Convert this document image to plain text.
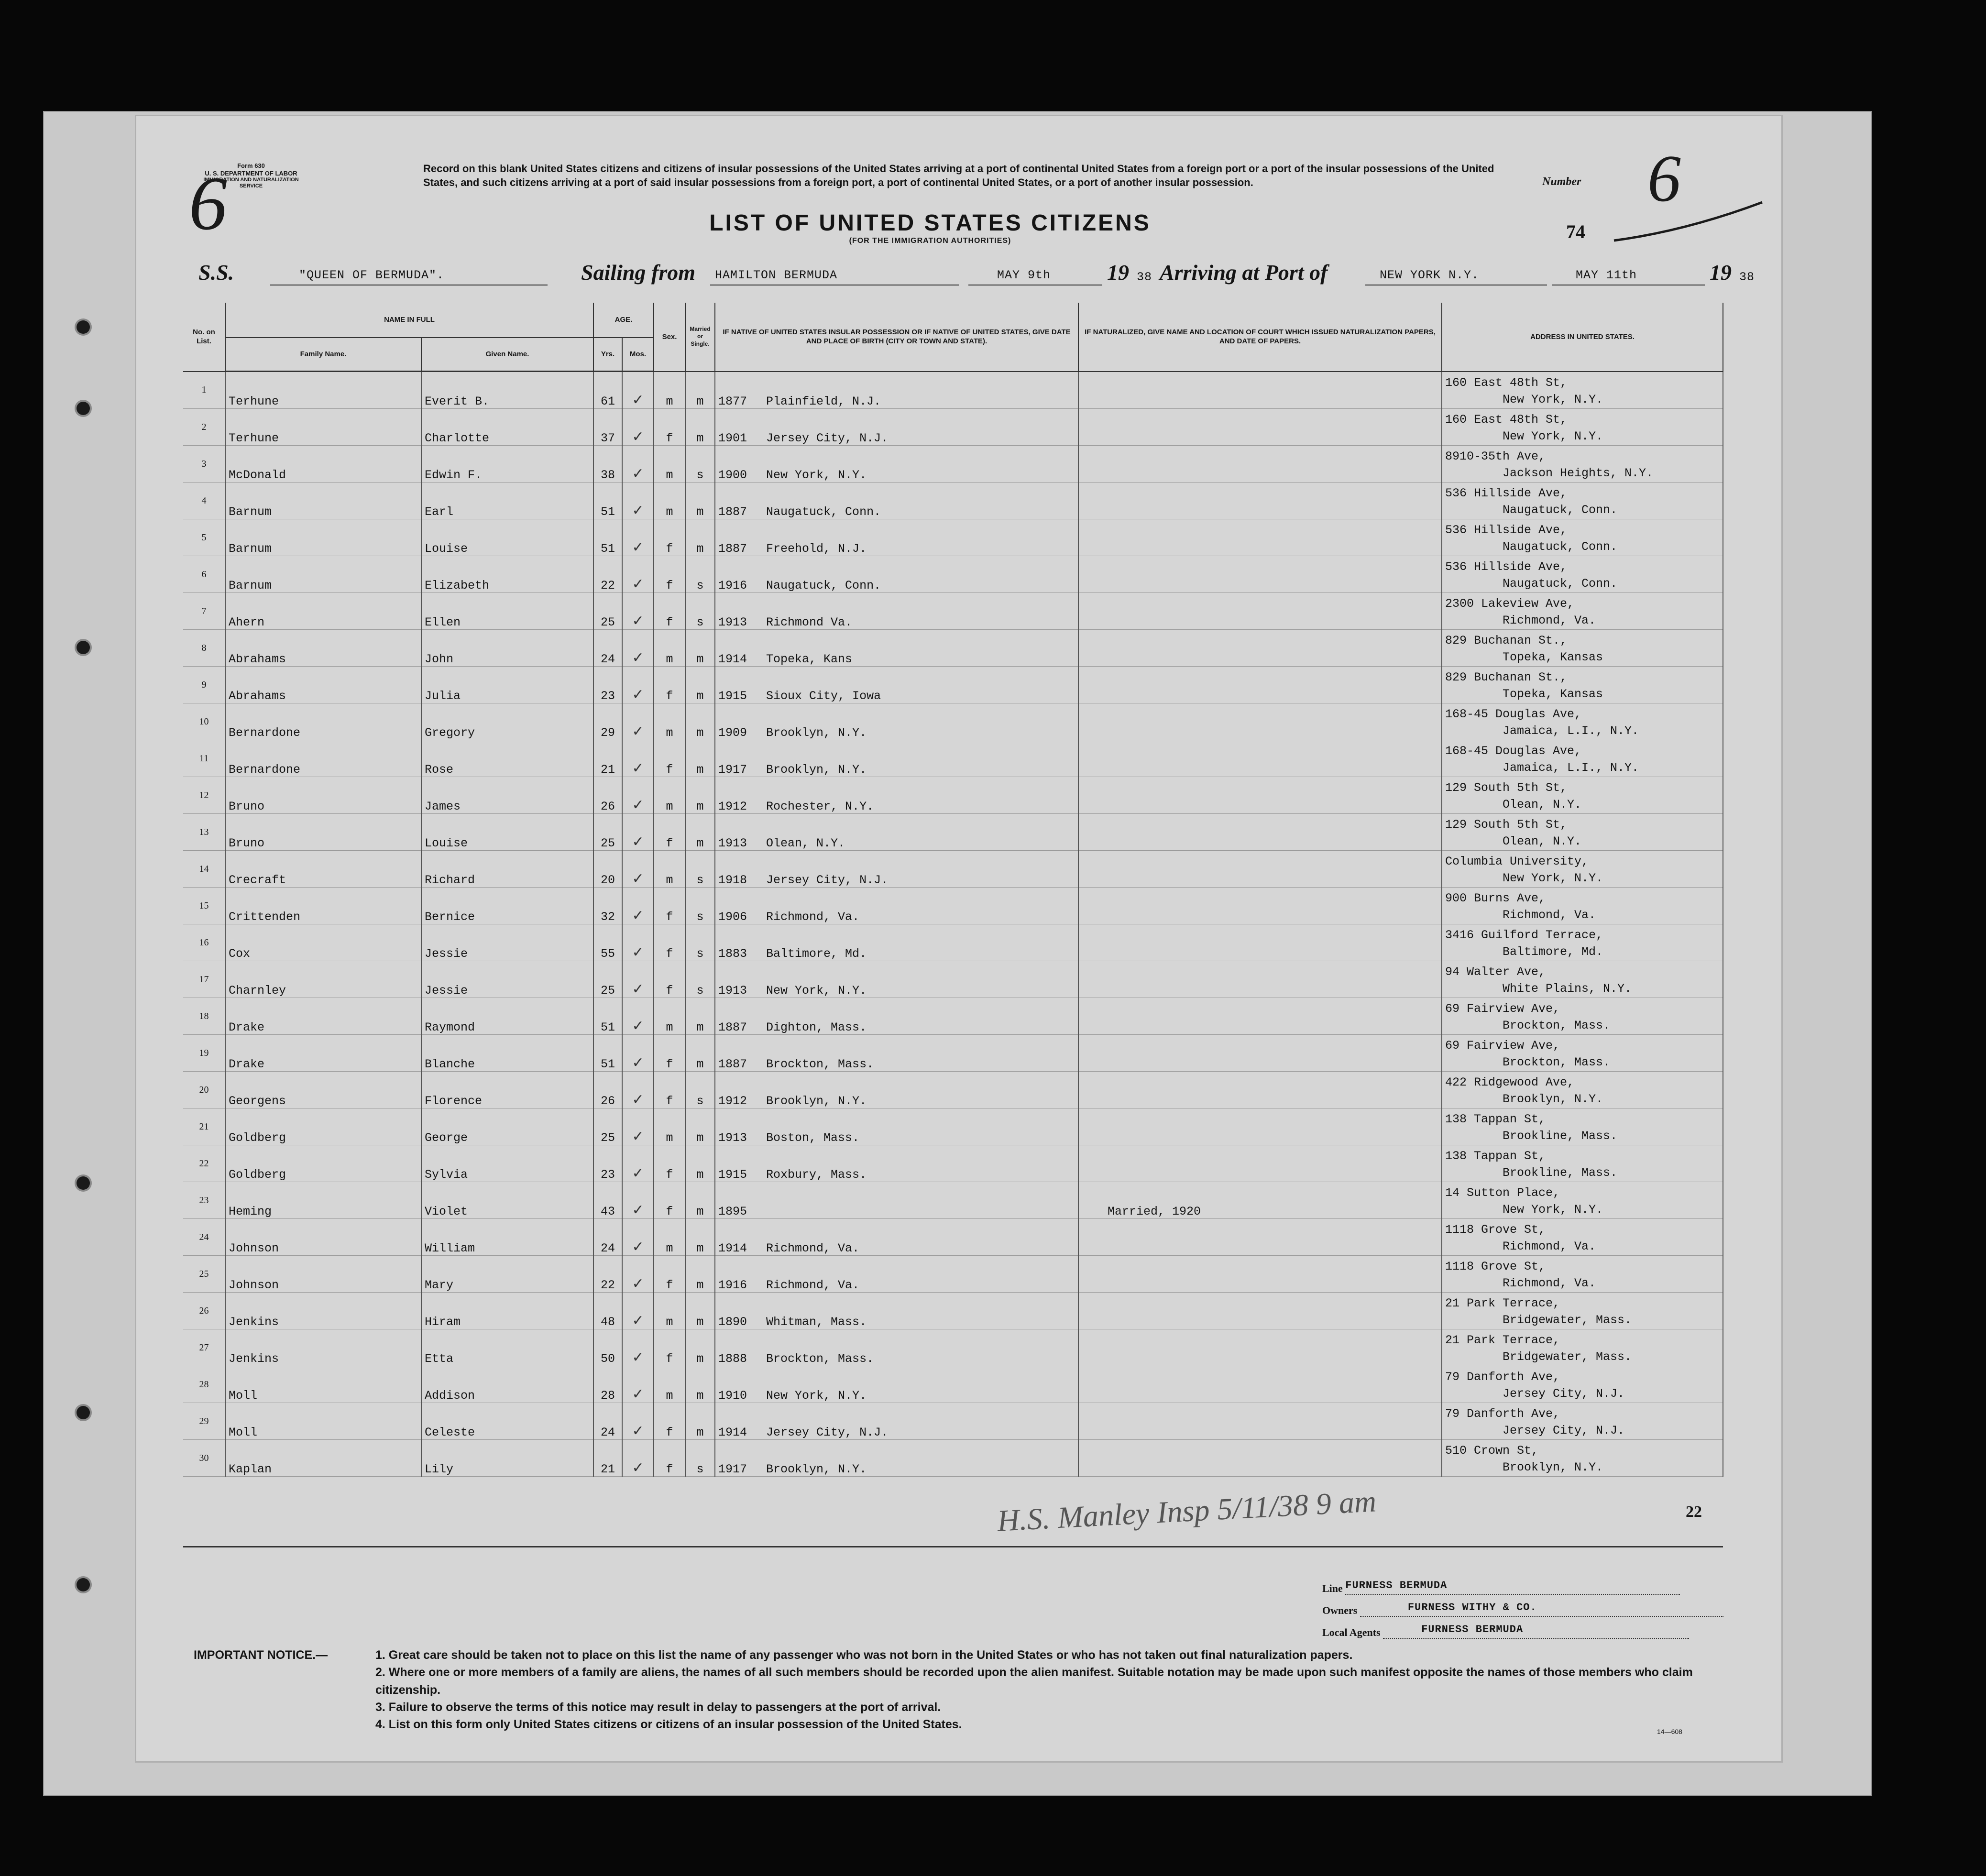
Form 630
U. S. DEPARTMENT OF LABOR
IMMIGRATION AND NATURALIZATION SERVICE
Record on this blank United States citizens and citizens of insular possessions of the United States arriving at a port of continental United States from a foreign port or a port of the insular possessions of the United States, and such citizens arriving at a port of said insular possessions from a foreign port, a port of continental United States, or a port of another insular possession.	Number 6
74
6	LIST OF UNITED STATES CITIZENS
(FOR THE IMMIGRATION AUTHORITIES)
S.S.	"QUEEN OF BERMUDA".	Sailing from	HAMILTON BERMUDA	MAY 9th	19 38 Arriving at Port of	NEW YORK N.Y.	MAY 11th	19 38
No. on List.	NAME IN FULL		AGE.		Sex.	Married or Single.	IF NATIVE OF UNITED STATES INSULAR POSSESSION OR IF NATIVE OF UNITED STATES, GIVE DATE AND PLACE OF BIRTH (CITY OR TOWN AND STATE).	IF NATURALIZED, GIVE NAME AND LOCATION OF COURT WHICH ISSUED NATURALIZATION PAPERS, AND DATE OF PAPERS.	ADDRESS IN UNITED STATES.
	Family Name.	Given Name.	Yrs.	Mos.					
1	Terhune	Everit B.	61	✓	m	m	1877 Plainfield, N.J.		160 East 48th St,
New York, N.Y.

2	Terhune	Charlotte	37	✓	f	m	1901 Jersey City, N.J.		160 East 48th St,
New York, N.Y.

3	McDonald	Edwin F.	38	✓	m	s	1900 New York, N.Y.		8910-35th Ave,
Jackson Heights, N.Y.

4	Barnum	Earl	51	✓	m	m	1887 Naugatuck, Conn.		536 Hillside Ave,
Naugatuck, Conn.

5	Barnum	Louise	51	✓	f	m	1887 Freehold, N.J.		536 Hillside Ave,
Naugatuck, Conn.

6	Barnum	Elizabeth	22	✓	f	s	1916 Naugatuck, Conn.		536 Hillside Ave,
Naugatuck, Conn.

7	Ahern	Ellen	25	✓	f	s	1913 Richmond Va.		2300 Lakeview Ave,
Richmond, Va.

8	Abrahams	John	24	✓	m	m	1914 Topeka, Kans		829 Buchanan St.,
Topeka, Kansas

9	Abrahams	Julia	23	✓	f	m	1915 Sioux City, Iowa		829 Buchanan St.,
Topeka, Kansas

10	Bernardone	Gregory	29	✓	m	m	1909 Brooklyn, N.Y.		168-45 Douglas Ave,
Jamaica, L.I., N.Y.

11	Bernardone	Rose	21	✓	f	m	1917 Brooklyn, N.Y.		168-45 Douglas Ave,
Jamaica, L.I., N.Y.

12	Bruno	James	26	✓	m	m	1912 Rochester, N.Y.		129 South 5th St,
Olean, N.Y.

13	Bruno	Louise	25	✓	f	m	1913 Olean, N.Y.		129 South 5th St,
Olean, N.Y.

14	Crecraft	Richard	20	✓	m	s	1918 Jersey City, N.J.		Columbia University,
New York, N.Y.

15	Crittenden	Bernice	32	✓	f	s	1906 Richmond, Va.		900 Burns Ave,
Richmond, Va.

16	Cox	Jessie	55	✓	f	s	1883 Baltimore, Md.		3416 Guilford Terrace,
Baltimore, Md.

17	Charnley	Jessie	25	✓	f	s	1913 New York, N.Y.		94 Walter Ave,
White Plains, N.Y.

18	Drake	Raymond	51	✓	m	m	1887 Dighton, Mass.		69 Fairview Ave,
Brockton, Mass.

19	Drake	Blanche	51	✓	f	m	1887 Brockton, Mass.		69 Fairview Ave,
Brockton, Mass.

20	Georgens	Florence	26	✓	f	s	1912 Brooklyn, N.Y.		422 Ridgewood Ave,
Brooklyn, N.Y.

21	Goldberg	George	25	✓	m	m	1913 Boston, Mass.		138 Tappan St,
Brookline, Mass.

22	Goldberg	Sylvia	23	✓	f	m	1915 Roxbury, Mass.		138 Tappan St,
Brookline, Mass.

23	Heming	Violet	43	✓	f	m	1895	Married, 1920	14 Sutton Place,
New York, N.Y.

24	Johnson	William	24	✓	m	m	1914 Richmond, Va.		1118 Grove St,
Richmond, Va.

25	Johnson	Mary	22	✓	f	m	1916 Richmond, Va.		1118 Grove St,
Richmond, Va.

26	Jenkins	Hiram	48	✓	m	m	1890 Whitman, Mass.		21 Park Terrace,
Bridgewater, Mass.

27	Jenkins	Etta	50	✓	f	m	1888 Brockton, Mass.		21 Park Terrace,
Bridgewater, Mass.

28	Moll	Addison	28	✓	m	m	1910 New York, N.Y.		79 Danforth Ave,
Jersey City, N.J.

29	Moll	Celeste	24	✓	f	m	1914 Jersey City, N.J.		79 Danforth Ave,
Jersey City, N.J.

30	Kaplan	Lily	21	✓	f	s	1917 Brooklyn, N.Y.		510 Crown St,
Brooklyn, N.Y.
H.S. Manley Insp 5/11/38 9 am	22
Line FURNESS BERMUDA
Owners	FURNESS WITHY & CO.
Local Agents	FURNESS BERMUDA
IMPORTANT NOTICE.—	1. Great care should be taken not to place on this list the name of any passenger who was not born in the United States or who has not taken out final naturalization papers.
2. Where one or more members of a family are aliens, the names of all such members should be recorded upon the alien manifest. Suitable notation may be made upon such manifest opposite the names of those members who claim citizenship.
3. Failure to observe the terms of this notice may result in delay to passengers at the port of arrival.
4. List on this form only United States citizens or citizens of an insular possession of the United States.
14—608
